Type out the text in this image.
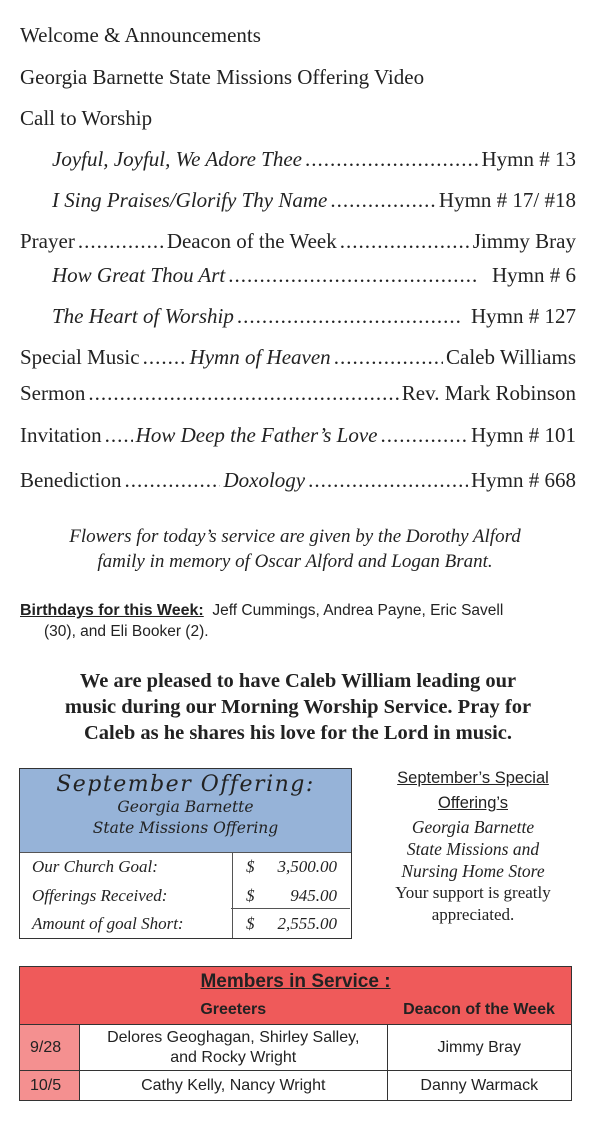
Welcome & Announcements
Georgia Barnette State Missions Offering Video
Call to Worship
Joyful, Joyful, We Adore Thee .....	Hymn # 13
I Sing Praises/Glorify Thy Name .....	Hymn # 17/ #18
Prayer .....	Deacon of the Week .....	Jimmy Bray
How Great Thou Art .....	Hymn # 6
The Heart of Worship .....	Hymn # 127
Special Music ..... Hymn of Heaven .....	Caleb Williams
Sermon .....	Rev. Mark Robinson
Invitation ..... How Deep the Father’s Love .....	Hymn # 101
Benediction .....	Doxology .....	Hymn # 668
Flowers for today’s service are given by the Dorothy Alford
family in memory of Oscar Alford and Logan Brant.
Birthdays for this Week: Jeff Cummings, Andrea Payne, Eric Savell
(30), and Eli Booker (2).
We are pleased to have Caleb William leading our
music during our Morning Worship Service. Pray for
Caleb as he shares his love for the Lord in music.
September Offering:
Georgia Barnette
State Missions Offering
Our Church Goal:	$ 3,500.00
Offerings Received:	$ 945.00
Amount of goal Short:	$ 2,555.00
September’s Special
Offering’s
Georgia Barnette
State Missions and
Nursing Home Store
Your support is greatly
appreciated.
Members in Service :		
	Greeters	Deacon of the Week
9/28	Delores Geoghagan, Shirley Salley,
and Rocky Wright	Jimmy Bray
10/5	Cathy Kelly, Nancy Wright	Danny Warmack
